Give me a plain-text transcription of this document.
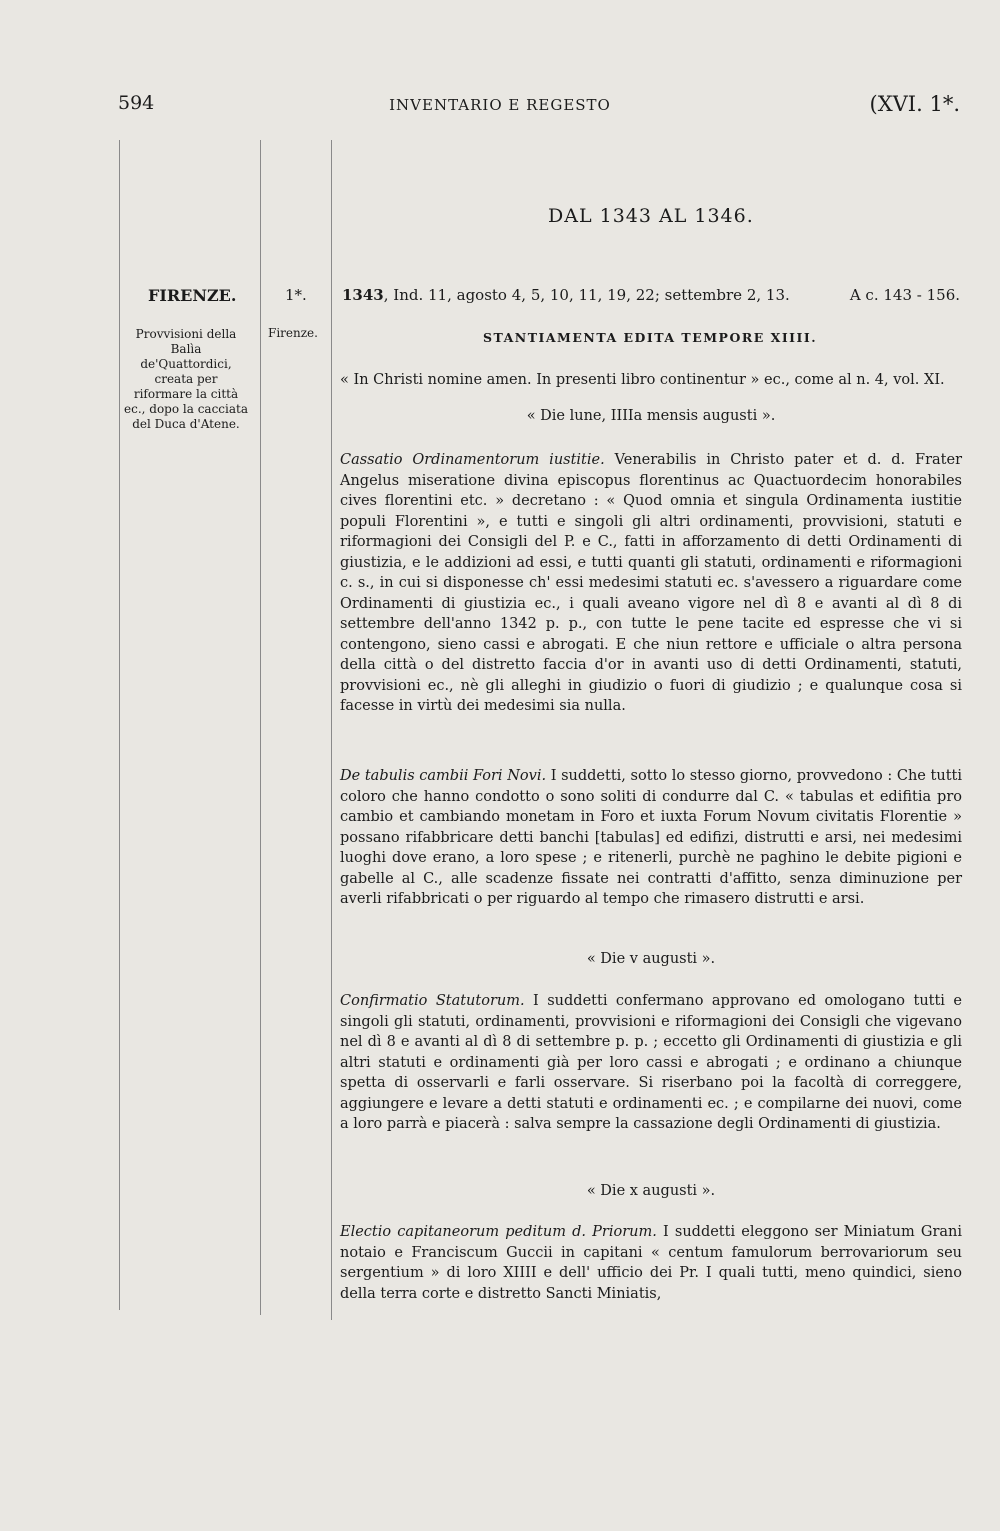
594	INVENTARIO E REGESTO	(XVI. 1*.
DAL 1343 AL 1346.
FIRENZE.	1*. 1343, Ind. 11, agosto 4, 5, 10, 11, 19, 22; settembre 2, 13.	A c. 143 - 156.
Provvisioni della Balìa de'Quattordici, creata per riformare la città ec., dopo la cacciata del Duca d'Atene.
Firenze.	STANTIAMENTA EDITA TEMPORE XIIII.

« In Christi nomine amen. In presenti libro continentur » ec., come al n. 4, vol. XI.

« Die lune, IIIIa mensis augusti ».

Cassatio Ordinamentorum iustitie. Venerabilis in Christo pater et d. d. Frater Angelus miseratione divina episcopus florentinus ac Quactuordecim honorabiles cives florentini etc. » decretano : « Quod omnia et singula Ordinamenta iustitie populi Florentini », e tutti e singoli gli altri ordinamenti, provvisioni, statuti e riformagioni dei Consigli del P. e C., fatti in afforzamento di detti Ordinamenti di giustizia, e le addizioni ad essi, e tutti quanti gli statuti, ordinamenti e riformagioni c. s., in cui si disponesse ch' essi medesimi statuti ec. s'avessero a riguardare come Ordinamenti di giustizia ec., i quali aveano vigore nel dì 8 e avanti al dì 8 di settembre dell'anno 1342 p. p., con tutte le pene tacite ed espresse che vi si contengono, sieno cassi e abrogati. E che niun rettore e ufficiale o altra persona della città o del distretto faccia d'or in avanti uso di detti Ordinamenti, statuti, provvisioni ec., nè gli alleghi in giudizio o fuori di giudizio ; e qualunque cosa si facesse in virtù dei medesimi sia nulla.

De tabulis cambii Fori Novi. I suddetti, sotto lo stesso giorno, provvedono : Che tutti coloro che hanno condotto o sono soliti di condurre dal C. « tabulas et edifitia pro cambio et cambiando monetam in Foro et iuxta Forum Novum civitatis Florentie » possano rifabbricare detti banchi [tabulas] ed edifizi, distrutti e arsi, nei medesimi luoghi dove erano, a loro spese ; e ritenerli, purchè ne paghino le debite pigioni e gabelle al C., alle scadenze fissate nei contratti d'affitto, senza diminuzione per averli rifabbricati o per riguardo al tempo che rimasero distrutti e arsi.

« Die v augusti ».

Confirmatio Statutorum. I suddetti confermano approvano ed omologano tutti e singoli gli statuti, ordinamenti, provvisioni e riformagioni dei Consigli che vigevano nel dì 8 e avanti al dì 8 di settembre p. p. ; eccetto gli Ordinamenti di giustizia e gli altri statuti e ordinamenti già per loro cassi e abrogati ; e ordinano a chiunque spetta di osservarli e farli osservare. Si riserbano poi la facoltà di correggere, aggiungere e levare a detti statuti e ordinamenti ec. ; e compilarne dei nuovi, come a loro parrà e piacerà : salva sempre la cassazione degli Ordinamenti di giustizia.

« Die x augusti ».

Electio capitaneorum peditum d. Priorum. I suddetti eleggono ser Miniatum Grani notaio e Franciscum Guccii in capitani « centum famulorum berrovariorum seu sergentium » di loro XIIII e dell' ufficio dei Pr. I quali tutti, meno quindici, sieno della terra corte e distretto Sancti Miniatis,
